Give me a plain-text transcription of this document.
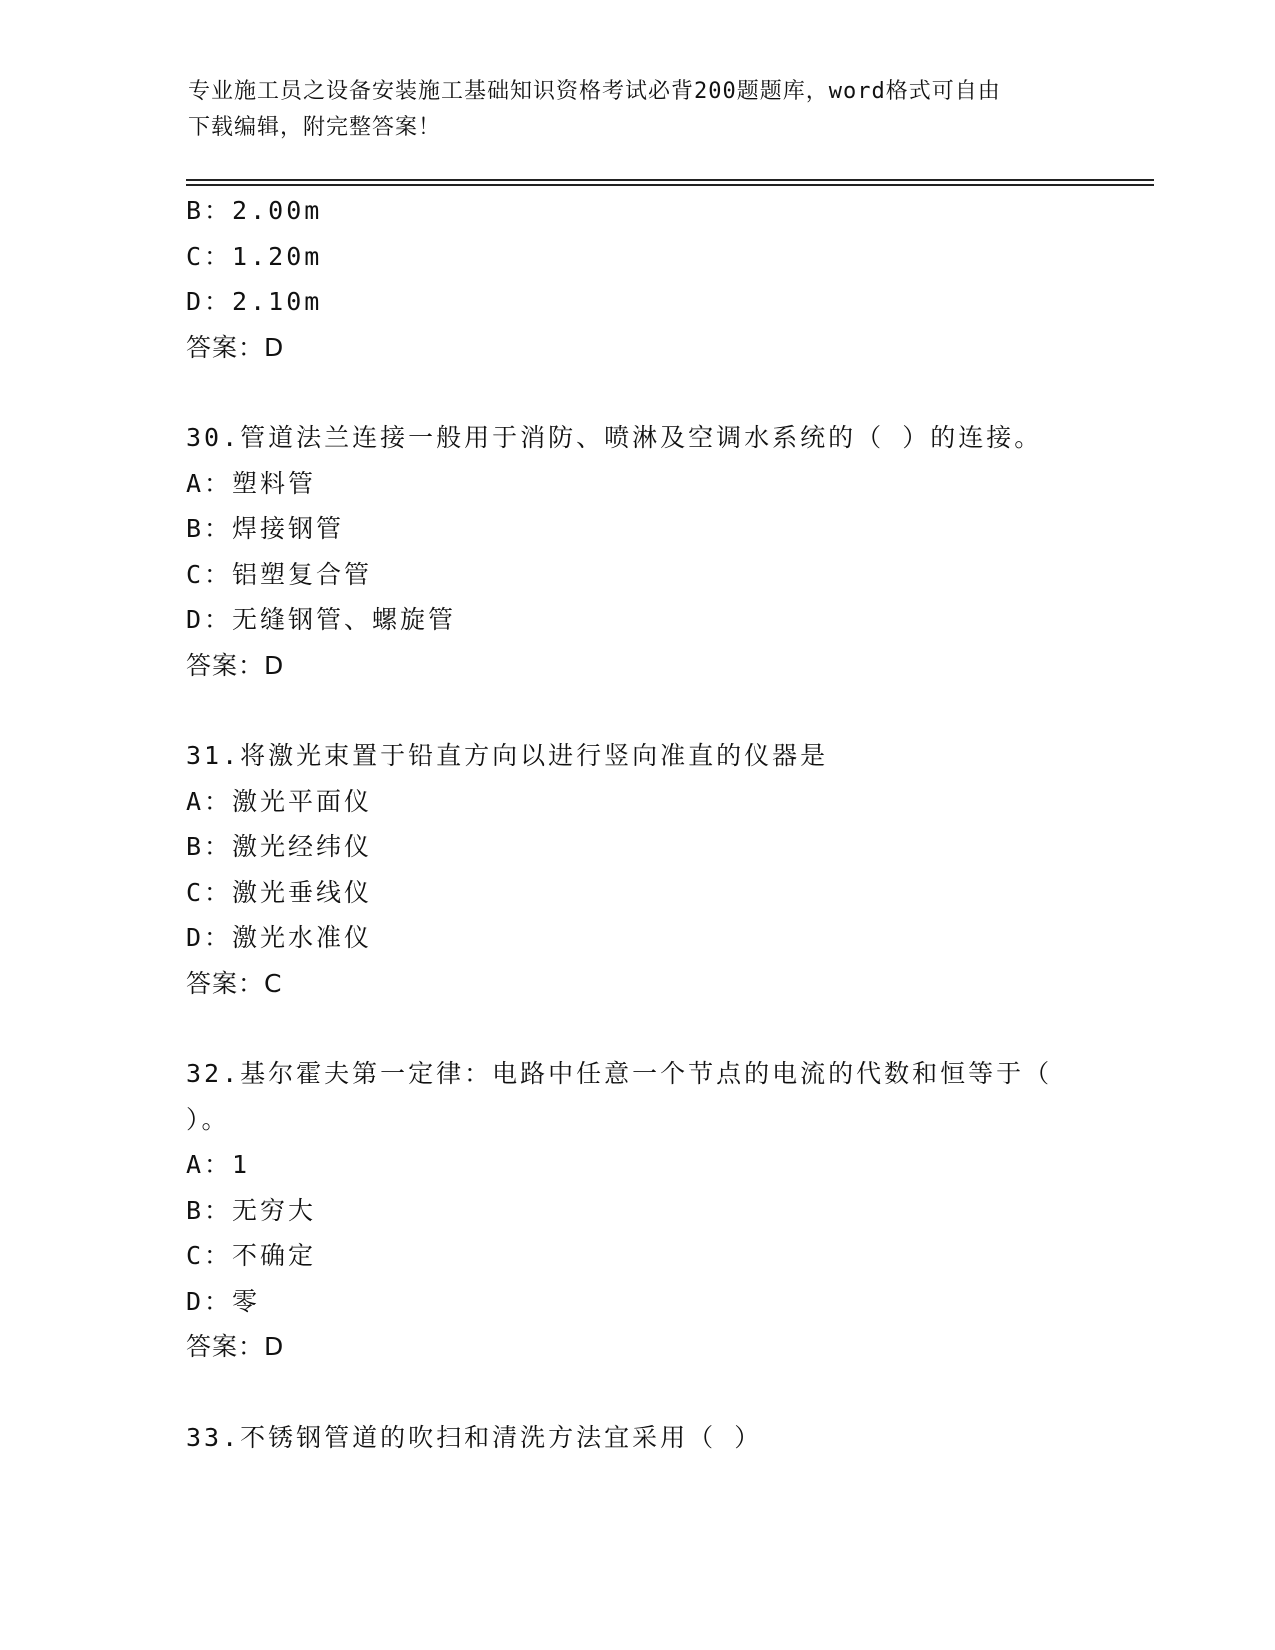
专业施工员之设备安装施工基础知识资格考试必背200题题库，word格式可自由
下载编辑，附完整答案！
B：2.00m
C：1.20m
D：2.10m
答案：D
30.管道法兰连接一般用于消防、喷淋及空调水系统的（ ）的连接。
A：塑料管
B：焊接钢管
C：铝塑复合管
D：无缝钢管、螺旋管
答案：D
31.将激光束置于铅直方向以进行竖向准直的仪器是
A：激光平面仪
B：激光经纬仪
C：激光垂线仪
D：激光水准仪
答案：C
32.基尔霍夫第一定律：电路中任意一个节点的电流的代数和恒等于（
）。
A：1
B：无穷大
C：不确定
D：零
答案：D
33.不锈钢管道的吹扫和清洗方法宜采用（ ）
